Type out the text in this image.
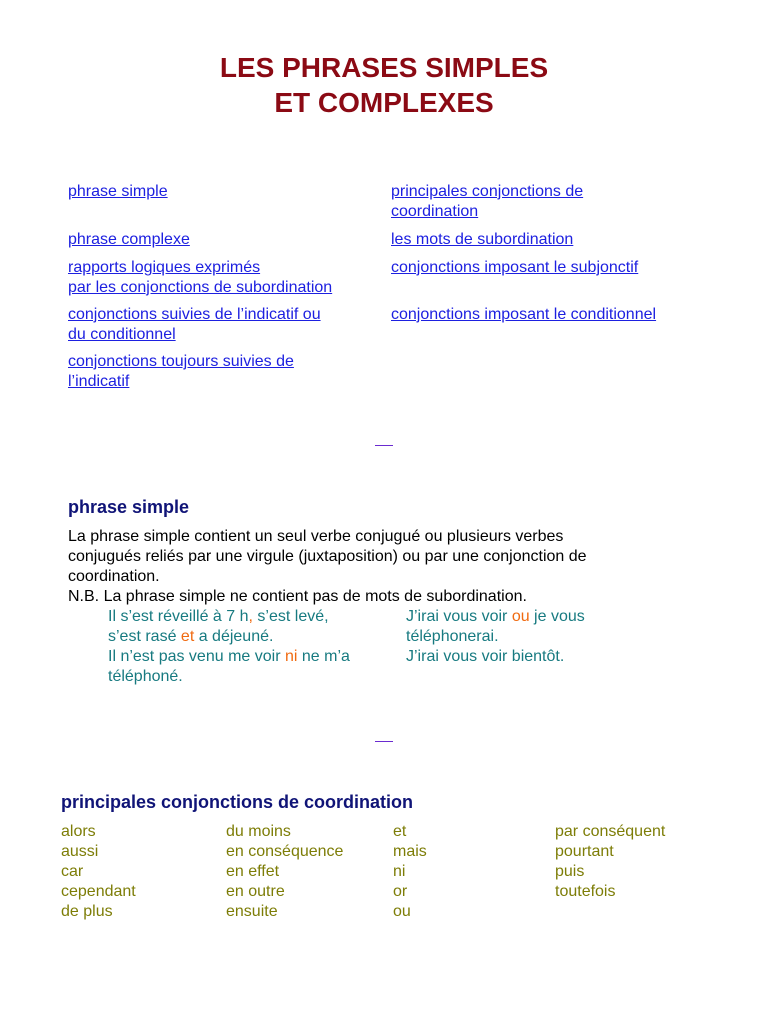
LES PHRASES SIMPLES
ET COMPLEXES
phrase simple
phrase complexe
rapports logiques exprimés
par les conjonctions de subordination
conjonctions suivies de l’indicatif ou
du conditionnel
conjonctions toujours suivies de
l’indicatif
principales conjonctions de
coordination
les mots de subordination
conjonctions imposant le subjonctif
conjonctions imposant le conditionnel
phrase simple

La phrase simple contient un seul verbe conjugué ou plusieurs verbes

conjugués reliés par une virgule (juxtaposition) ou par une conjonction de

coordination.

N.B. La phrase simple ne contient pas de mots de subordination.

Il s’est réveillé à 7 h, s’est levé,

s’est rasé et a déjeuné.

Il n’est pas venu me voir ni ne m’a

téléphoné.

J’irai vous voir ou je vous

téléphonerai.

J’irai vous voir bientôt.

principales conjonctions de coordination
alors
aussi
car
cependant
de plus
du moins
en conséquence
en effet
en outre
ensuite
et
mais
ni
or
ou
par conséquent
pourtant
puis
toutefois
